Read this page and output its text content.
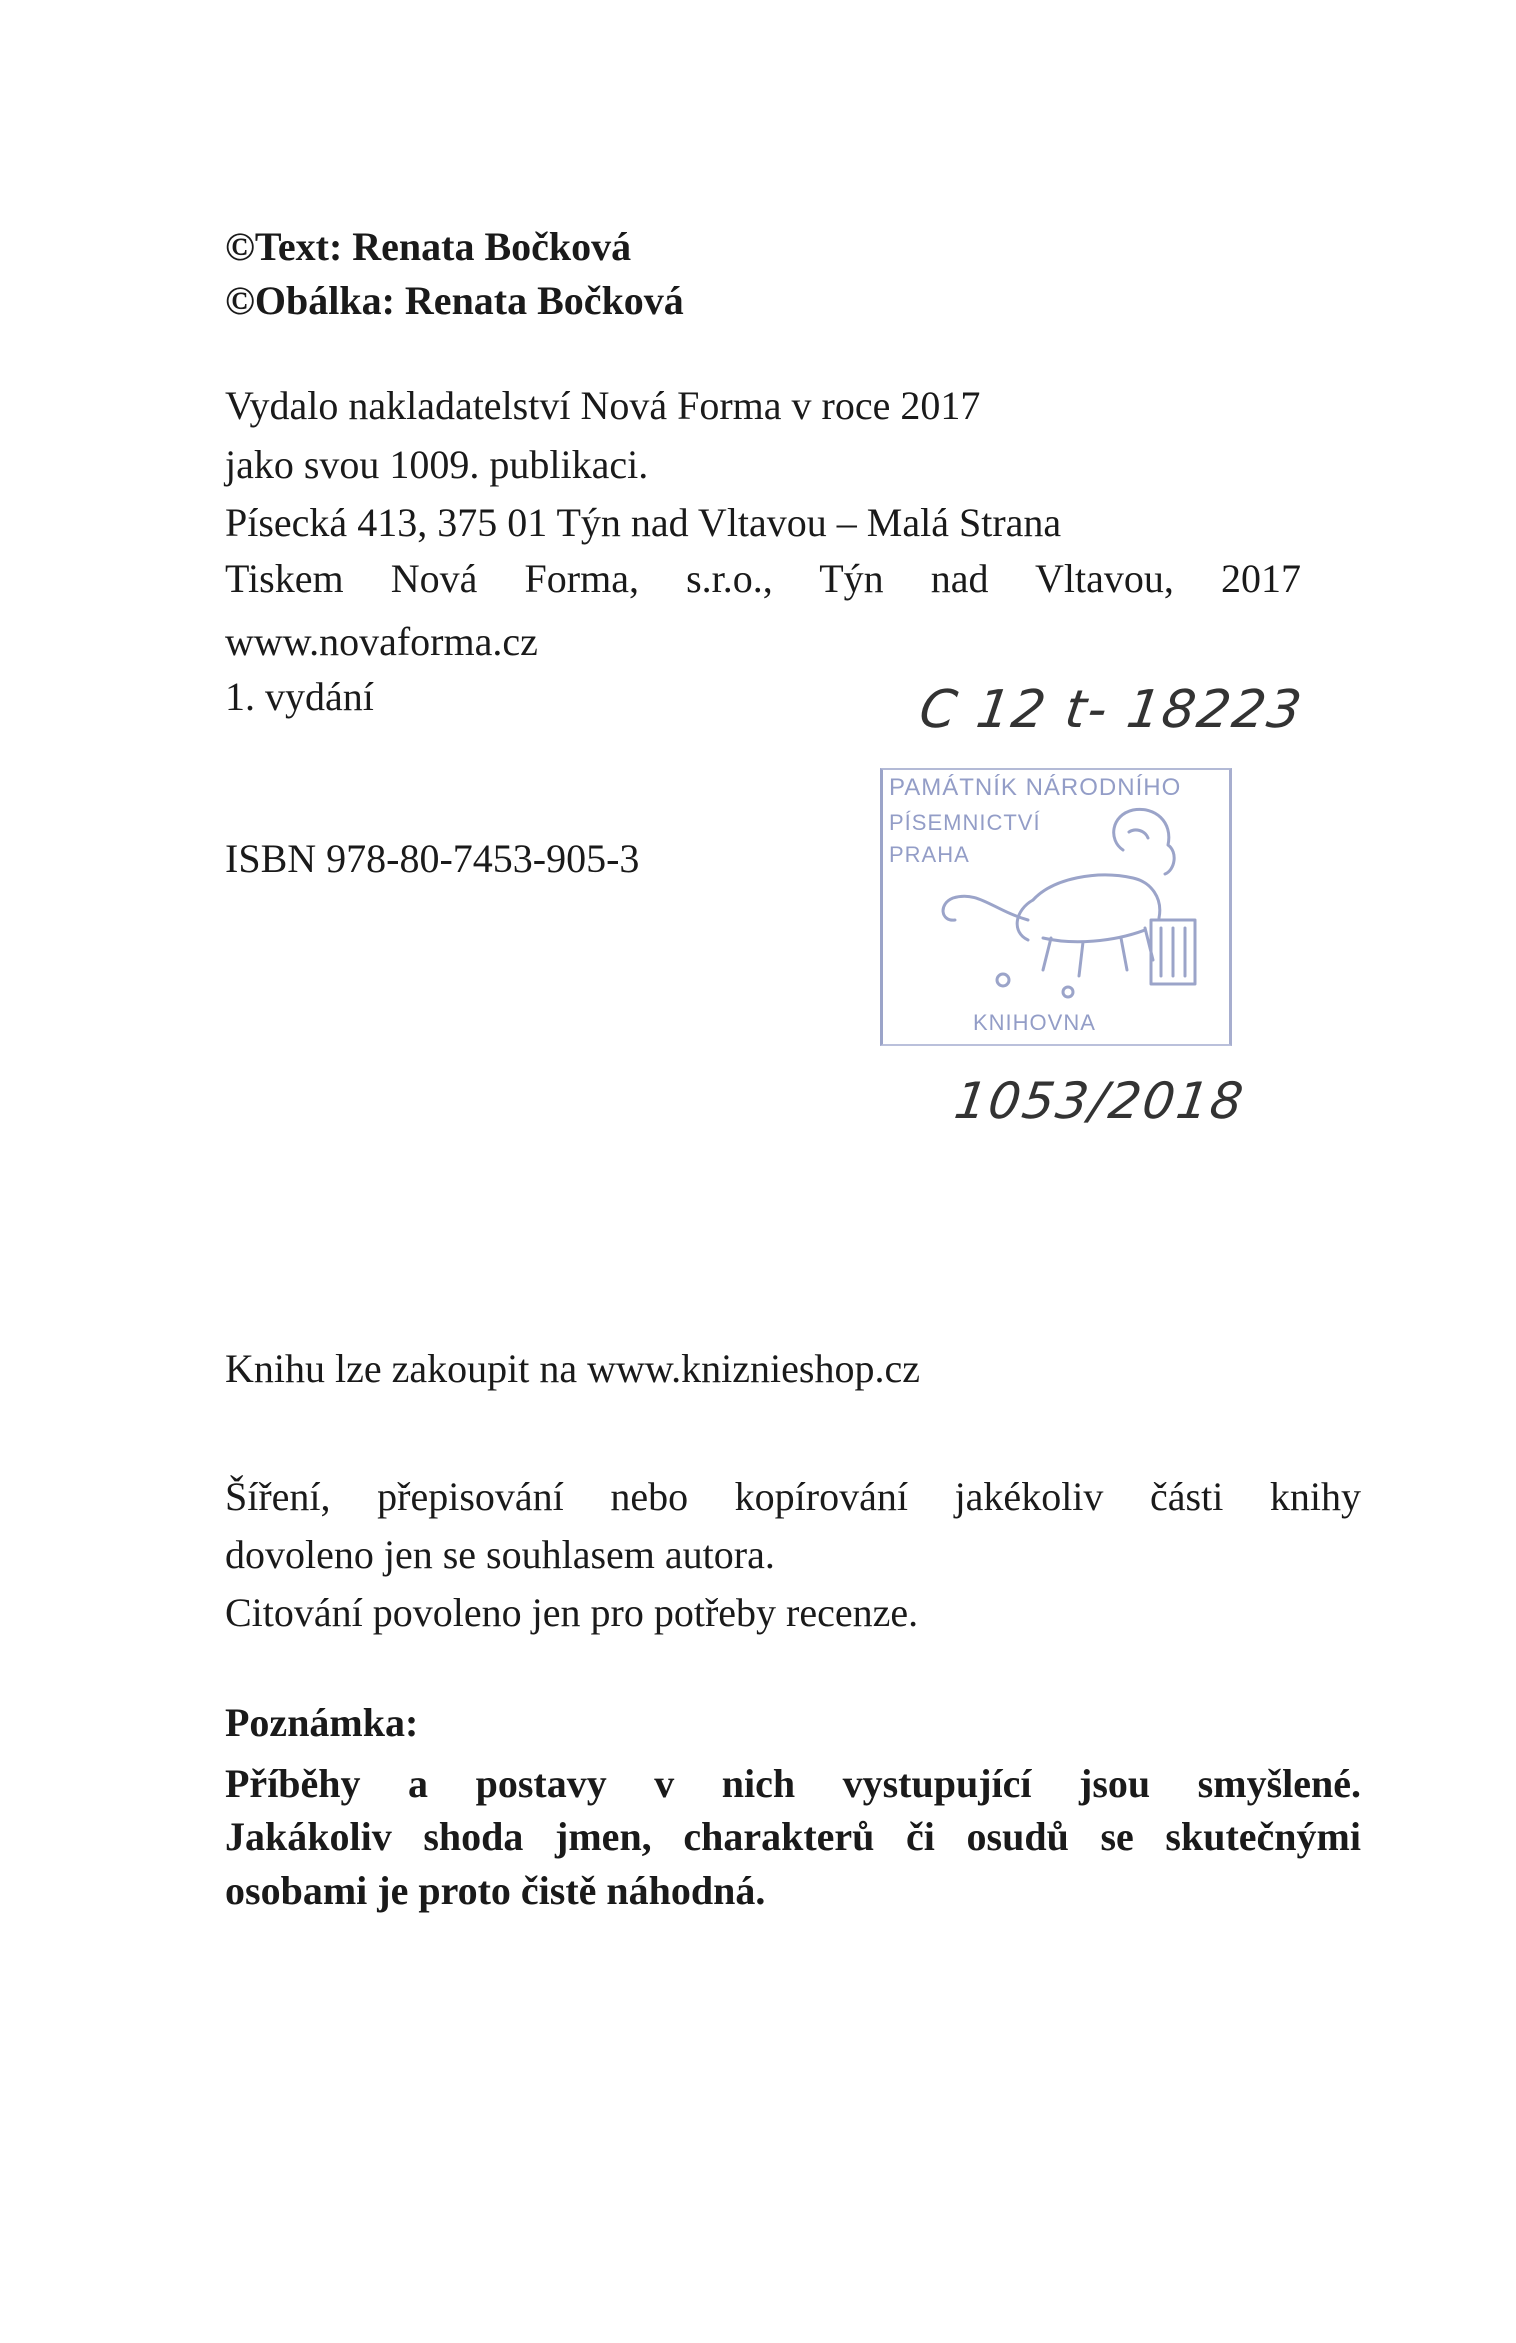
©Text: Renata Bočková
©Obálka: Renata Bočková
Vydalo nakladatelství Nová Forma v roce 2017
jako svou 1009. publikaci.
Písecká 413, 375 01 Týn nad Vltavou – Malá Strana
Tiskem Nová Forma, s.r.o., Týn nad Vltavou, 2017
www.novaforma.cz
1. vydání	C 12 t- 18223
ISBN 978-80-7453-905-3
PAMÁTNÍK NÁRODNÍHO
PÍSEMNICTVÍ
PRAHA
KNIHOVNA
1053/2018
Knihu lze zakoupit na www.kniznieshop.cz
Šíření, přepisování nebo kopírování jakékoliv části knihy
dovoleno jen se souhlasem autora.
Citování povoleno jen pro potřeby recenze.
Poznámka:
Příběhy a postavy v nich vystupující jsou smyšlené.
Jakákoliv shoda jmen, charakterů či osudů se skutečnými
osobami je proto čistě náhodná.
